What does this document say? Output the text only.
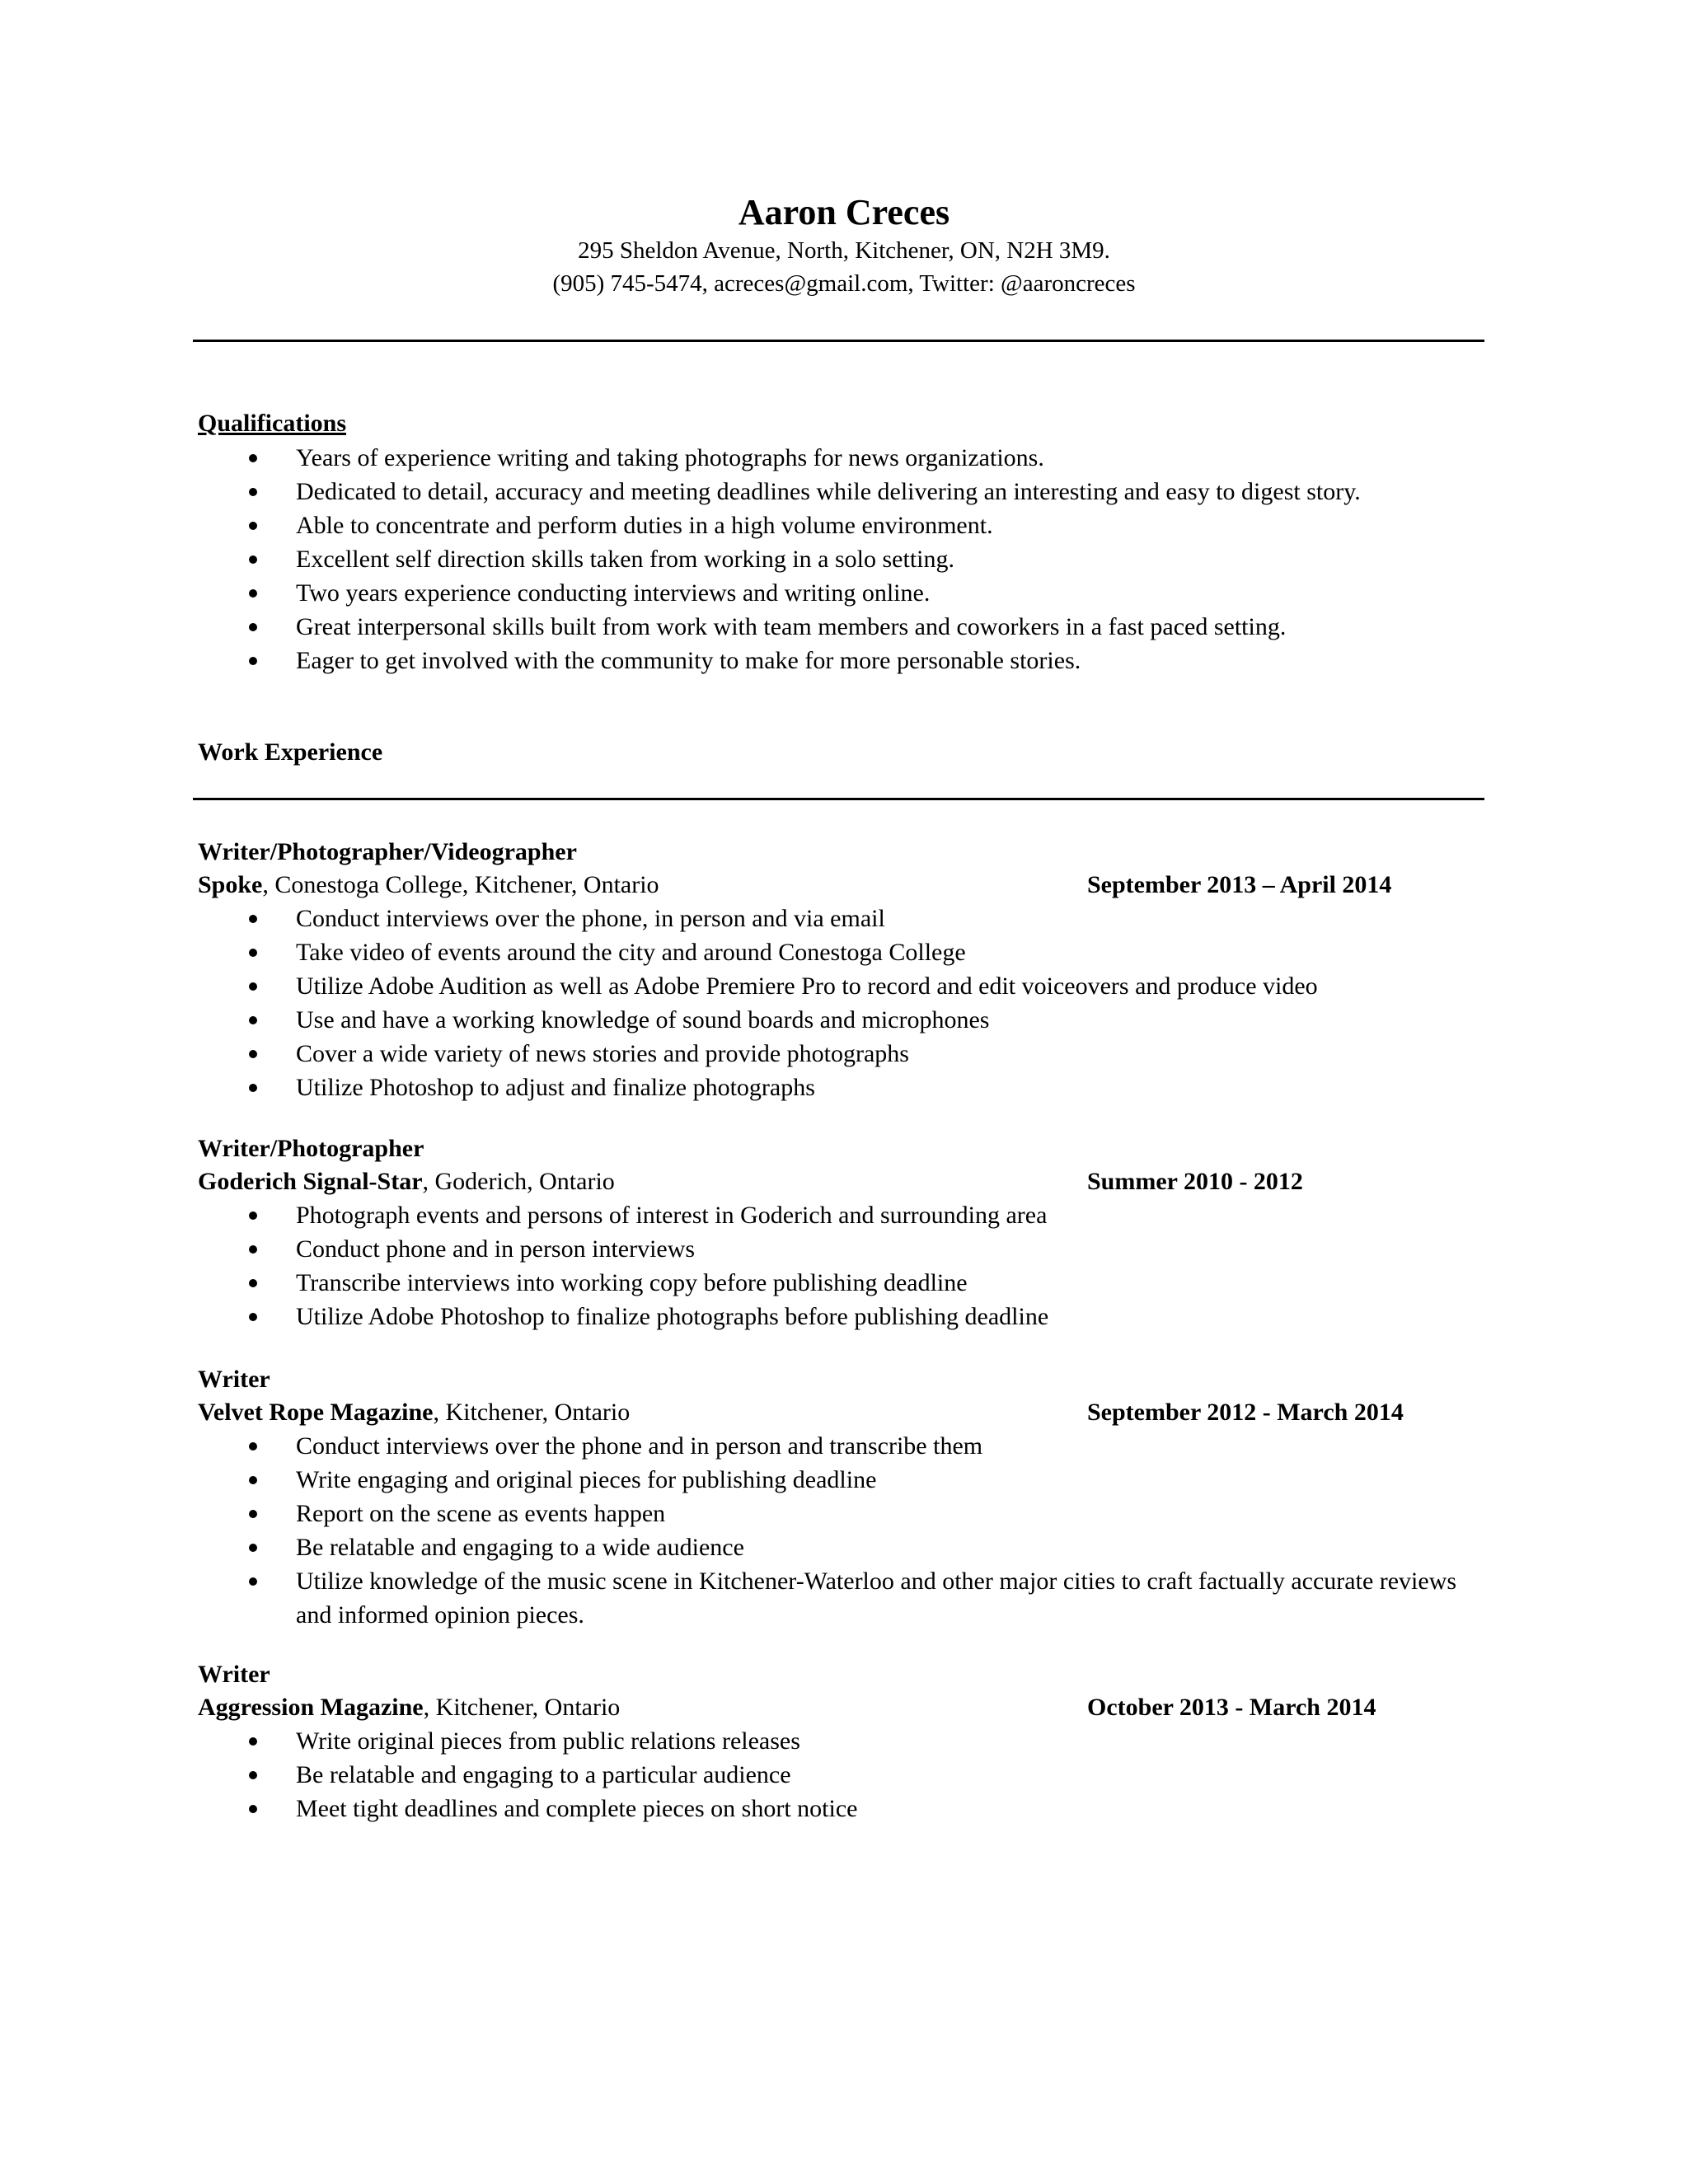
Aaron Creces

295 Sheldon Avenue, North, Kitchener, ON, N2H 3M9.

(905) 745-5474, acreces@gmail.com, Twitter: @aaroncreces

Qualifications

Years of experience writing and taking photographs for news organizations.
Dedicated to detail, accuracy and meeting deadlines while delivering an interesting and easy to digest story.
Able to concentrate and perform duties in a high volume environment.
Excellent self direction skills taken from working in a solo setting.
Two years experience conducting interviews and writing online.
Great interpersonal skills built from work with team members and coworkers in a fast paced setting.
Eager to get involved with the community to make for more personable stories.

Work Experience

Writer/Photographer/Videographer

Spoke, Conestoga College, Kitchener, Ontario	September 2013 – April 2014
Conduct interviews over the phone, in person and via email
Take video of events around the city and around Conestoga College
Utilize Adobe Audition as well as Adobe Premiere Pro to record and edit voiceovers and produce video
Use and have a working knowledge of sound boards and microphones
Cover a wide variety of news stories and provide photographs
Utilize Photoshop to adjust and finalize photographs

Writer/Photographer

Goderich Signal-Star, Goderich, Ontario	Summer 2010 - 2012
Photograph events and persons of interest in Goderich and surrounding area
Conduct phone and in person interviews
Transcribe interviews into working copy before publishing deadline
Utilize Adobe Photoshop to finalize photographs before publishing deadline

Writer

Velvet Rope Magazine, Kitchener, Ontario	September 2012 - March 2014
Conduct interviews over the phone and in person and transcribe them
Write engaging and original pieces for publishing deadline
Report on the scene as events happen
Be relatable and engaging to a wide audience
Utilize knowledge of the music scene in Kitchener-Waterloo and other major cities to craft factually accurate reviews and informed opinion pieces.

Writer

Aggression Magazine, Kitchener, Ontario	October 2013 - March 2014
Write original pieces from public relations releases
Be relatable and engaging to a particular audience
Meet tight deadlines and complete pieces on short notice
